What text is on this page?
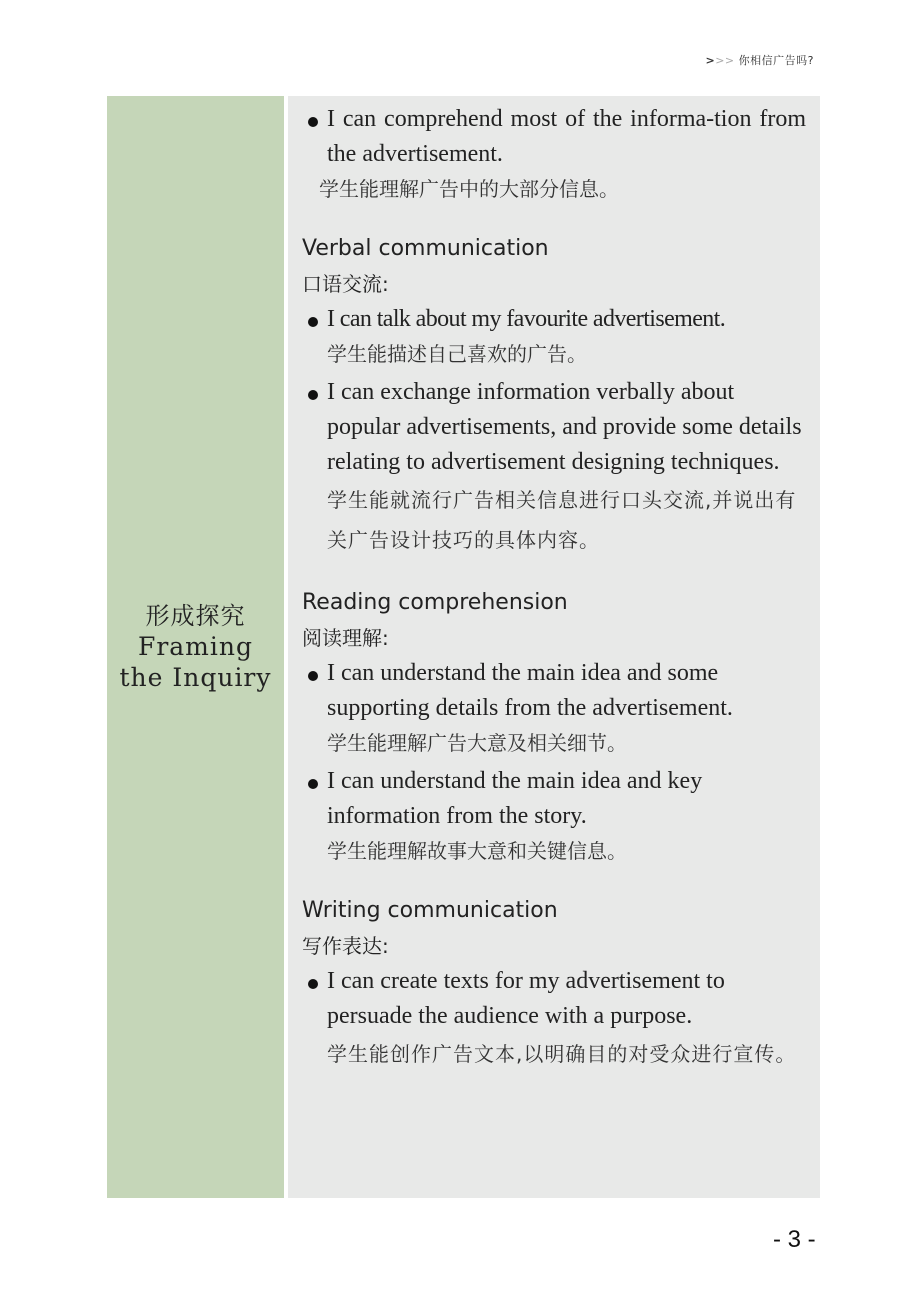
>>> 你相信广告吗?
形成探究
Framing
the Inquiry
I can comprehend most of the informa-tion from the advertisement.
学生能理解广告中的大部分信息。
Verbal communication
口语交流:
I can talk about my favourite advertisement.
学生能描述自己喜欢的广告。
I can exchange information verbally about popular advertisements, and provide some details relating to advertisement designing techniques.
学生能就流行广告相关信息进行口头交流,并说出有关广告设计技巧的具体内容。
Reading comprehension
阅读理解:
I can understand the main idea and some supporting details from the advertisement.
学生能理解广告大意及相关细节。
I can understand the main idea and key information from the story.
学生能理解故事大意和关键信息。
Writing communication
写作表达:
I can create texts for my advertisement to persuade the audience with a purpose.
学生能创作广告文本,以明确目的对受众进行宣传。
- 3 -
